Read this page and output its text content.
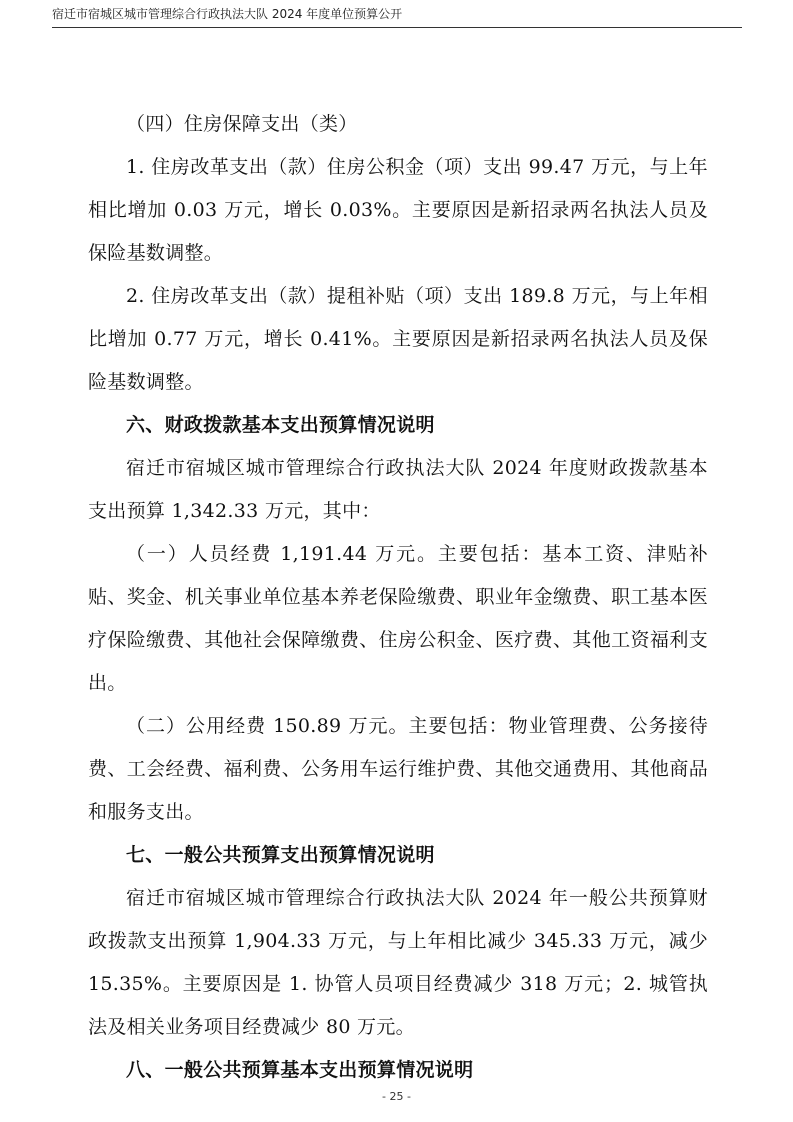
宿迁市宿城区城市管理综合行政执法大队 2024 年度单位预算公开

（四）住房保障支出（类）

1. 住房改革支出（款）住房公积金（项）支出 99.47 万元，与上年相比增加 0.03 万元，增长 0.03%。主要原因是新招录两名执法人员及保险基数调整。

2. 住房改革支出（款）提租补贴（项）支出 189.8 万元，与上年相比增加 0.77 万元，增长 0.41%。主要原因是新招录两名执法人员及保险基数调整。

六、财政拨款基本支出预算情况说明

宿迁市宿城区城市管理综合行政执法大队 2024 年度财政拨款基本支出预算 1,342.33 万元，其中：

（一）人员经费 1,191.44 万元。主要包括：基本工资、津贴补贴、奖金、机关事业单位基本养老保险缴费、职业年金缴费、职工基本医疗保险缴费、其他社会保障缴费、住房公积金、医疗费、其他工资福利支出。

（二）公用经费 150.89 万元。主要包括：物业管理费、公务接待费、工会经费、福利费、公务用车运行维护费、其他交通费用、其他商品和服务支出。

七、一般公共预算支出预算情况说明

宿迁市宿城区城市管理综合行政执法大队 2024 年一般公共预算财政拨款支出预算 1,904.33 万元，与上年相比减少 345.33 万元，减少 15.35%。主要原因是 1. 协管人员项目经费减少 318 万元；2. 城管执法及相关业务项目经费减少 80 万元。

八、一般公共预算基本支出预算情况说明

- 25 -
